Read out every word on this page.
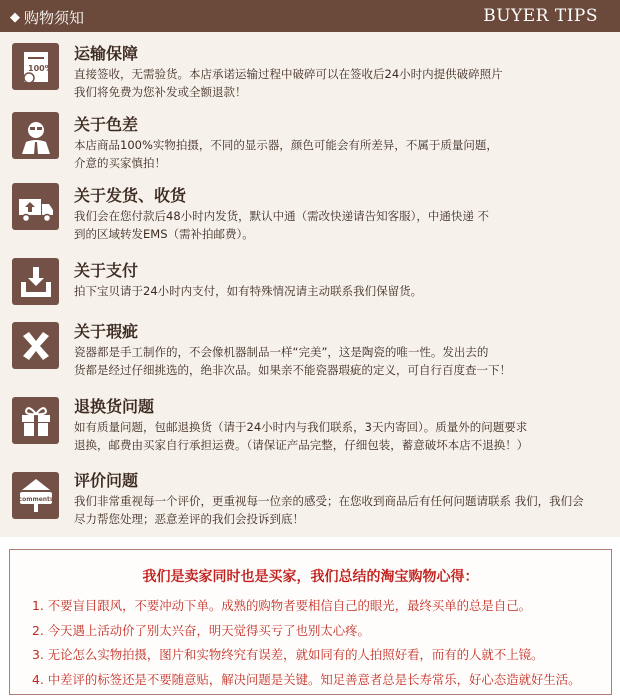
◆ 购物须知	BUYER TIPS
100%
运输保障
直接签收，无需验货。本店承诺运输过程中破碎可以在签收后24小时内提供破碎照片
我们将免费为您补发或全额退款！
关于色差
本店商品100%实物拍摄，不同的显示器，颜色可能会有所差异，不属于质量问题，
介意的买家慎拍！
关于发货、收货
我们会在您付款后48小时内发货，默认中通（需改快递请告知客服），中通快递 不
到的区域转发EMS（需补拍邮费）。
关于支付
拍下宝贝请于24小时内支付，如有特殊情况请主动联系我们保留货。
关于瑕疵
瓷器都是手工制作的，不会像机器制品一样“完美”，这是陶瓷的唯一性。发出去的
货都是经过仔细挑选的，绝非次品。如果亲不能瓷器瑕疵的定义，可自行百度查一下！
退换货问题
如有质量问题，包邮退换货（请于24小时内与我们联系，3天内寄回）。质量外的问题要求
退换，邮费由买家自行承担运费。（请保证产品完整，仔细包装，蓄意破坏本店不退换！）
comments
评价问题
我们非常重视每一个评价，更重视每一位亲的感受；在您收到商品后有任何问题请联系 我们，我们会
尽力帮您处理；恶意差评的我们会投诉到底！
我们是卖家同时也是买家，我们总结的淘宝购物心得：
1. 不要盲目跟风，不要冲动下单。成熟的购物者要相信自己的眼光，最终买单的总是自己。
2. 今天遇上活动价了别太兴奋，明天觉得买亏了也别太心疼。
3. 无论怎么实物拍摄，图片和实物终究有误差，就如同有的人拍照好看，而有的人就不上镜。
4. 中差评的标签还是不要随意贴，解决问题是关键。知足善意者总是长寿常乐，好心态造就好生活。
